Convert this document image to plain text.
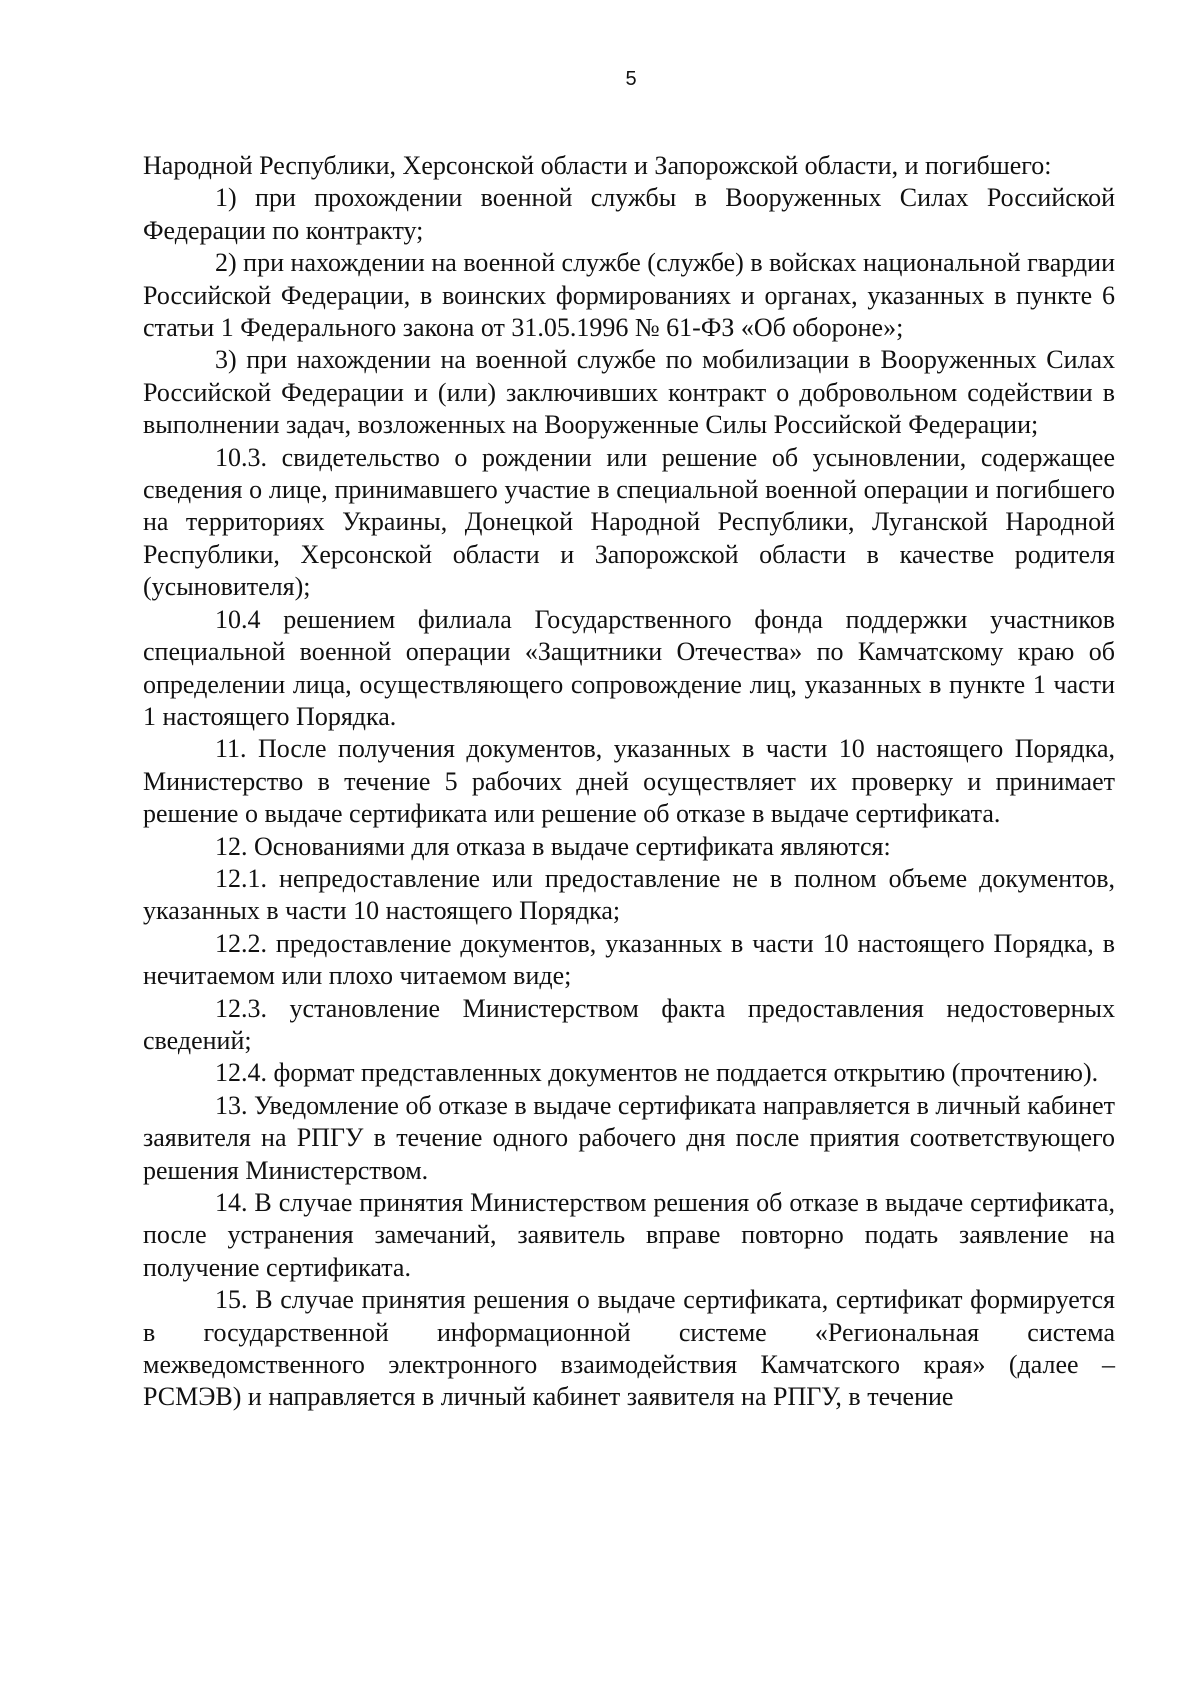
5

Народной Республики, Херсонской области и Запорожской области, и погибшего:

1) при прохождении военной службы в Вооруженных Силах Российской Федерации по контракту;

2) при нахождении на военной службе (службе) в войсках национальной гвардии Российской Федерации, в воинских формированиях и органах, указанных в пункте 6 статьи 1 Федерального закона от 31.05.1996 № 61-ФЗ «Об обороне»;

3) при нахождении на военной службе по мобилизации в Вооруженных Силах Российской Федерации и (или) заключивших контракт о добровольном содействии в выполнении задач, возложенных на Вооруженные Силы Российской Федерации;

10.3. свидетельство о рождении или решение об усыновлении, содержащее сведения о лице, принимавшего участие в специальной военной операции и погибшего на территориях Украины, Донецкой Народной Республики, Луганской Народной Республики, Херсонской области и Запорожской области в качестве родителя (усыновителя);

10.4 решением филиала Государственного фонда поддержки участников специальной военной операции «Защитники Отечества» по Камчатскому краю об определении лица, осуществляющего сопровождение лиц, указанных в пункте 1 части 1 настоящего Порядка.

11. После получения документов, указанных в части 10 настоящего Порядка, Министерство в течение 5 рабочих дней осуществляет их проверку и принимает решение о выдаче сертификата или решение об отказе в выдаче сертификата.

12. Основаниями для отказа в выдаче сертификата являются:

12.1. непредоставление или предоставление не в полном объеме документов, указанных в части 10 настоящего Порядка;

12.2. предоставление документов, указанных в части 10 настоящего Порядка, в нечитаемом или плохо читаемом виде;

12.3. установление Министерством факта предоставления недостоверных сведений;

12.4. формат представленных документов не поддается открытию (прочтению).

13. Уведомление об отказе в выдаче сертификата направляется в личный кабинет заявителя на РПГУ в течение одного рабочего дня после приятия соответствующего решения Министерством.

14. В случае принятия Министерством решения об отказе в выдаче сертификата, после устранения замечаний, заявитель вправе повторно подать заявление на получение сертификата.

15. В случае принятия решения о выдаче сертификата, сертификат формируется в государственной информационной системе «Региональная система межведомственного электронного взаимодействия Камчатского края» (далее – РСМЭВ) и направляется в личный кабинет заявителя на РПГУ, в течение
